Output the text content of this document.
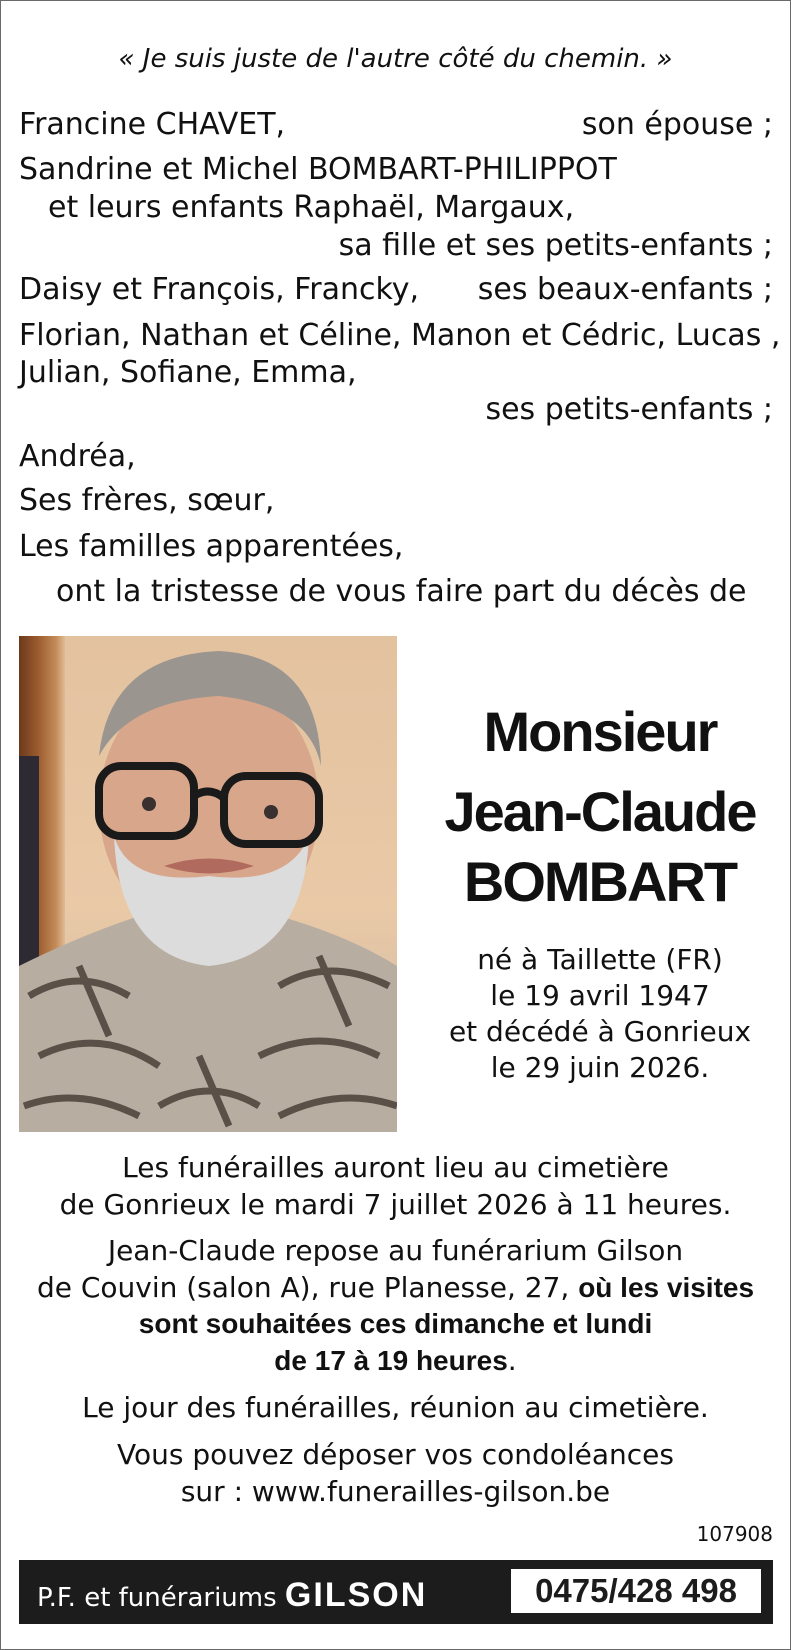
« Je suis juste de l'autre côté du chemin. »
Francine CHAVET,	son épouse ;
Sandrine et Michel BOMBART-PHILIPPOT
et leurs enfants Raphaël, Margaux,
sa fille et ses petits-enfants ;
Daisy et François, Francky, ses beaux-enfants ;
Florian, Nathan et Céline, Manon et Cédric, Lucas ,
Julian, Sofiane, Emma,
ses petits-enfants ;
Andréa,
Ses frères, sœur,
Les familles apparentées,
ont la tristesse de vous faire part du décès de
Monsieur
Jean-Claude
BOMBART
né à Taillette (FR)
le 19 avril 1947
et décédé à Gonrieux
le 29 juin 2026.
Les funérailles auront lieu au cimetière
de Gonrieux le mardi 7 juillet 2026 à 11 heures.
Jean-Claude repose au funérarium Gilson
de Couvin (salon A), rue Planesse, 27, où les visites
sont souhaitées ces dimanche et lundi
de 17 à 19 heures.
Le jour des funérailles, réunion au cimetière.
Vous pouvez déposer vos condoléances
sur : www.funerailles-gilson.be
107908
P.F. et funérariums GILSON	0475/428 498
